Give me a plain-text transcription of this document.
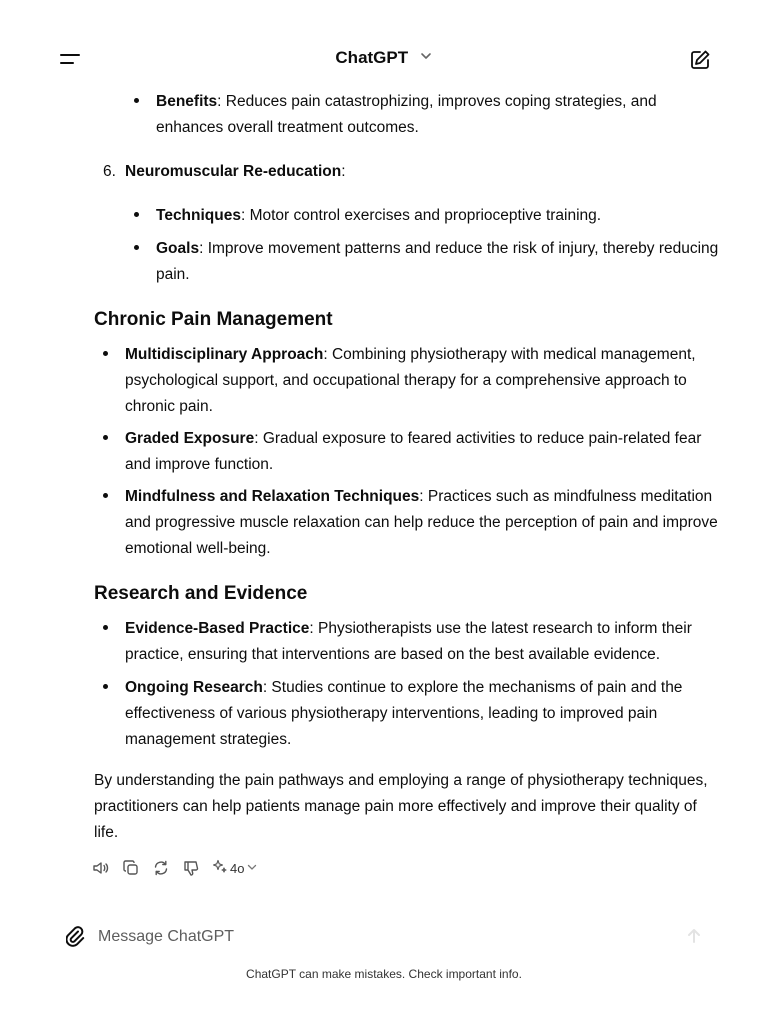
ChatGPT

Benefits: Reduces pain catastrophizing, improves coping strategies, and enhances overall treatment outcomes.

6. Neuromuscular Re-education:

Techniques: Motor control exercises and proprioceptive training.

Goals: Improve movement patterns and reduce the risk of injury, thereby reducing pain.

Chronic Pain Management

Multidisciplinary Approach: Combining physiotherapy with medical management, psychological support, and occupational therapy for a comprehensive approach to chronic pain.

Graded Exposure: Gradual exposure to feared activities to reduce pain-related fear and improve function.

Mindfulness and Relaxation Techniques: Practices such as mindfulness meditation and progressive muscle relaxation can help reduce the perception of pain and improve emotional well-being.

Research and Evidence

Evidence-Based Practice: Physiotherapists use the latest research to inform their practice, ensuring that interventions are based on the best available evidence.

Ongoing Research: Studies continue to explore the mechanisms of pain and the effectiveness of various physiotherapy interventions, leading to improved pain management strategies.

By understanding the pain pathways and employing a range of physiotherapy techniques, practitioners can help patients manage pain more effectively and improve their quality of life.

4o
Message ChatGPT
ChatGPT can make mistakes. Check important info.
